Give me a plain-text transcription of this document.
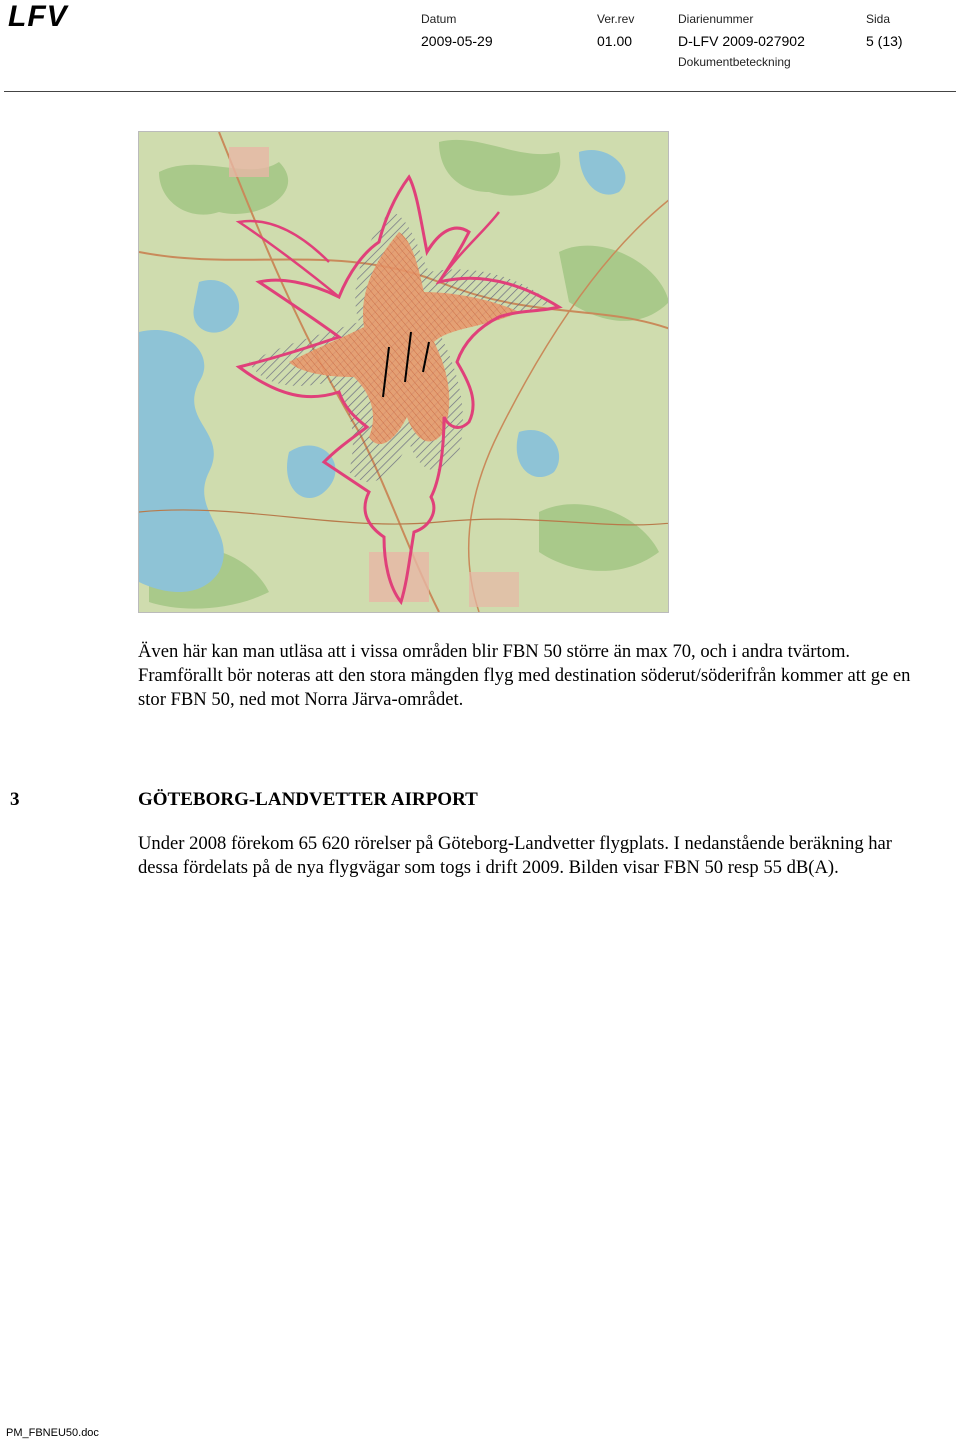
LFV	Datum	Ver.rev	Diarienummer	Sida
2009-05-29	01.00	D-LFV 2009-027902	5 (13)
Dokumentbeteckning
LFV
INFLUENSOMRÅDE
Område som berörs eller kan komma att beröras av ekvivalent bullernivå FBN 55 dB(A) eller högre
Område utanför "rött" område som berörs eller kan komma att beröras av maxbullernivåer överstigande 70 dB(A) tre gånger per årsmedeldygn
NRL-linjer (enligt NRL-beslut från 1991)
FBN 49 INM 6.1
STOCKHOLM-ARLANDA
FLYGPLATS
FBN 49 INM 6.1 överlagrat på fastlagt
riksintresseområde
Datum: 2009-05-17
Skala: 1:200 000 (A3)

Även här kan man utläsa att i vissa områden blir FBN 50 större än max 70, och i andra tvärtom. Framförallt bör noteras att den stora mängden flyg med destination söderut/söderifrån kommer att ge en stor FBN 50, ned mot Norra Järva-området.

3	GÖTEBORG-LANDVETTER AIRPORT

Under 2008 förekom 65 620 rörelser på Göteborg-Landvetter flygplats. I nedanstående beräkning har dessa fördelats på de nya flygvägar som togs i drift 2009. Bilden visar FBN 50 resp 55 dB(A).

PM_FBNEU50.doc
